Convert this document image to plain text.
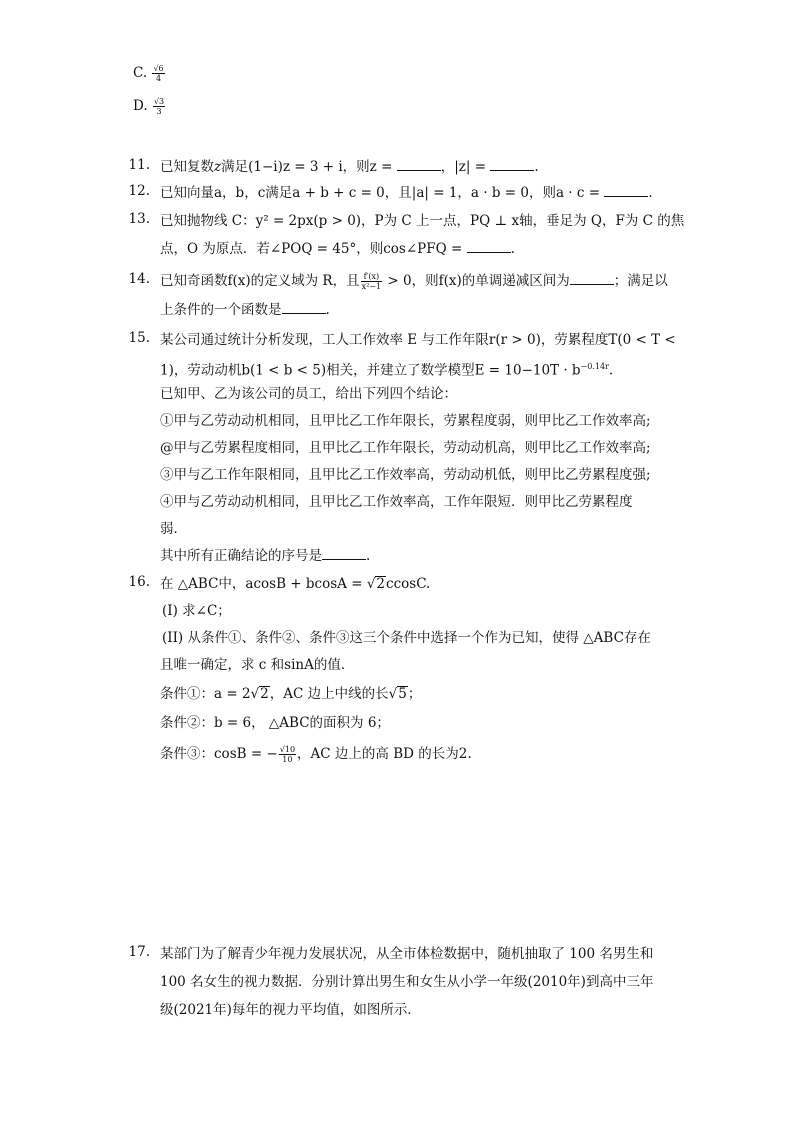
C. $\frac{√6}{4}$
D. $\frac{√3}{3}$
11. 已知复数z满足(1−i)z = 3 + i，则z =	，|z| =	.
12. 已知向量a，b，c满足a + b + c = 0，且|a| = 1，a · b = 0，则a · c =	.
13. 已知抛物线 C：y² = 2px(p > 0)，P为 C 上一点，PQ ⊥ x轴，垂足为 Q，F为 C 的焦
点，O 为原点．若∠POQ = 45°，则cos∠PFQ =	.
14. 已知奇函数f(x)的定义域为 R，且 $\frac{f'(x)}{\text{x²−1}} > 0$，则f(x)的单调递减区间为	；满足以
上条件的一个函数是	.
15. 某公司通过统计分析发现，工人工作效率 E 与工作年限r(r > 0)，劳累程度T(0 < T <
1)，劳动动机b(1 < b < 5)相关，并建立了数学模型$E = 10-10T \cdot b^{-0.14r}$.
已知甲、乙为该公司的员工，给出下列四个结论：
①甲与乙劳动动机相同，且甲比乙工作年限长，劳累程度弱，则甲比乙工作效率高;
@甲与乙劳累程度相同，且甲比乙工作年限长，劳动动机高，则甲比乙工作效率高;
③甲与乙工作年限相同，且甲比乙工作效率高，劳动动机低，则甲比乙劳累程度强;
④甲与乙劳动动机相同，且甲比乙工作效率高，工作年限短．则甲比乙劳累程度
弱．
其中所有正确结论的序号是	.
16. 在 △ABC中，acosB + bcosA = √2ccosC.
(I) 求∠C；
(II) 从条件①、条件②、条件③这三个条件中选择一个作为已知，使得 △ABC存在
且唯一确定，求 c 和sinA的值．
条件①：a = 2√2，AC 边上中线的长√5；
条件②：b = 6， △ABC的面积为 6；
条件③：cosB = − $\frac{√10}{10}$ ，AC 边上的高 BD 的长为2.
17. 某部门为了解青少年视力发展状况，从全市体检数据中，随机抽取了 100 名男生和
100 名女生的视力数据．分别计算出男生和女生从小学一年级(2010年)到高中三年
级(2021年)每年的视力平均值，如图所示．
